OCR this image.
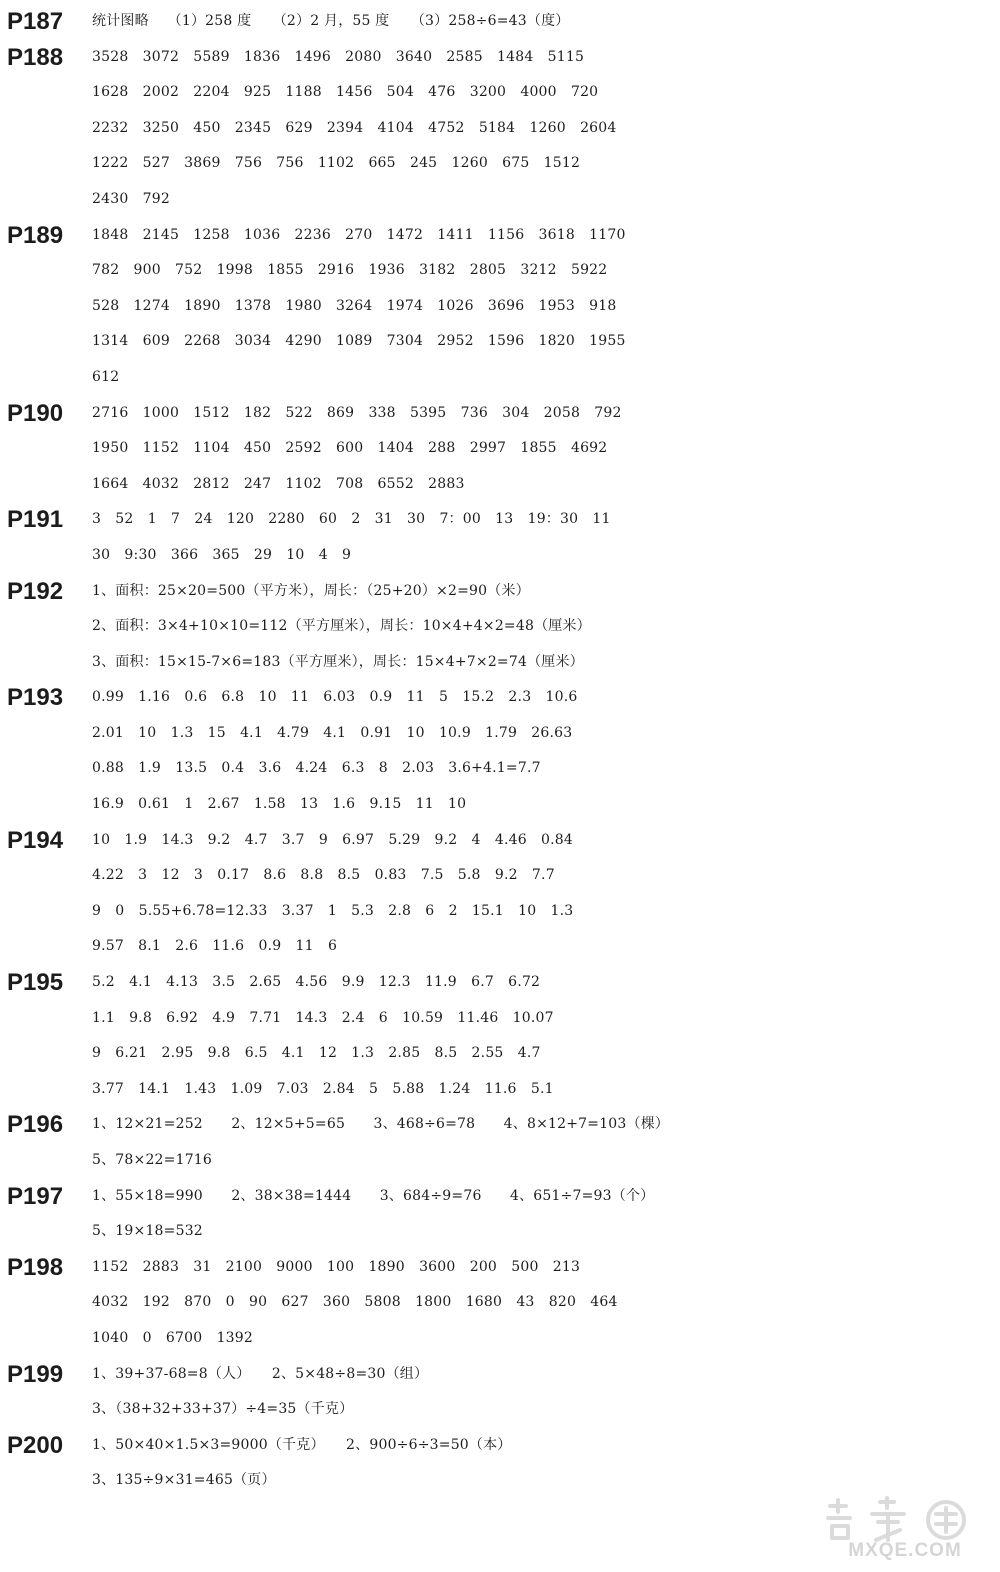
P187	统计图略　 （1）258 度　　（2）2 月，55 度　　（3）258÷6=43（度）
P188	3528　3072　5589　1836　1496　2080　3640　2585　1484　5115
1628　2002　2204　925　1188　1456　504　476　3200　4000　720
2232　3250　450　2345　629　2394　4104　4752　5184　1260　2604
1222　527　3869　756　756　1102　665　245　1260　675　1512
2430　792
P189	1848　2145　1258　1036　2236　270　1472　1411　1156　3618　1170
782　900　752　1998　1855　2916　1936　3182　2805　3212　5922
528　1274　1890　1378　1980　3264　1974　1026　3696　1953　918
1314　609　2268　3034　4290　1089　7304　2952　1596　1820　1955
612
P190	2716　1000　1512　182　522　869　338　5395　736　304　2058　792
1950　1152　1104　450　2592　600　1404　288　2997　1855　4692
1664　4032　2812　247　1102　708　6552　2883
P191	3　52　1　7　24　120　2280　60　2　31　30　7：00　13　19：30　11
30　9:30　366　365　29　10　4　9
P192	1、面积：25×20=500（平方米），周长：（25+20）×2=90（米）
2、面积：3×4+10×10=112（平方厘米），周长：10×4+4×2=48（厘米）
3、面积：15×15-7×6=183（平方厘米），周长：15×4+7×2=74（厘米）
P193	0.99　1.16　0.6　6.8　10　11　6.03　0.9　11　5　15.2　2.3　10.6
2.01　10　1.3　15　4.1　4.79　4.1　0.91　10　10.9　1.79　26.63
0.88　1.9　13.5　0.4　3.6　4.24　6.3　8　2.03　3.6+4.1=7.7
16.9　0.61　1　2.67　1.58　13　1.6　9.15　11　10
P194	10　1.9　14.3　9.2　4.7　3.7　9　6.97　5.29　9.2　4　4.46　0.84
4.22　3　12　3　0.17　8.6　8.8　8.5　0.83　7.5　5.8　9.2　7.7
9　0　5.55+6.78=12.33　3.37　1　5.3　2.8　6　2　15.1　10　1.3
9.57　8.1　2.6　11.6　0.9　11　6
P195	5.2　4.1　4.13　3.5　2.65　4.56　9.9　12.3　11.9　6.7　6.72
1.1　9.8　6.92　4.9　7.71　14.3　2.4　6　10.59　11.46　10.07
9　6.21　2.95　9.8　6.5　4.1　12　1.3　2.85　8.5　2.55　4.7
3.77　14.1　1.43　1.09　7.03　2.84　5　5.88　1.24　11.6　5.1
P196	1、12×21=252　　2、12×5+5=65　　3、468÷6=78　　4、8×12+7=103（棵）
5、78×22=1716
P197	1、55×18=990　　2、38×38=1444　　3、684÷9=76　　4、651÷7=93（个）
5、19×18=532
P198	1152　2883　31　2100　9000　100　1890　3600　200　500　213
4032　192　870　0　90　627　360　5808　1800　1680　43　820　464
1040　0　6700　1392
P199	1、39+37-68=8（人）　　2、5×48÷8=30（组）
3、（38+32+33+37）÷4=35（千克）
P200	1、50×40×1.5×3=9000（千克）　　2、900÷6÷3=50（本）
3、135÷9×31=465（页）
MXQE.COM
